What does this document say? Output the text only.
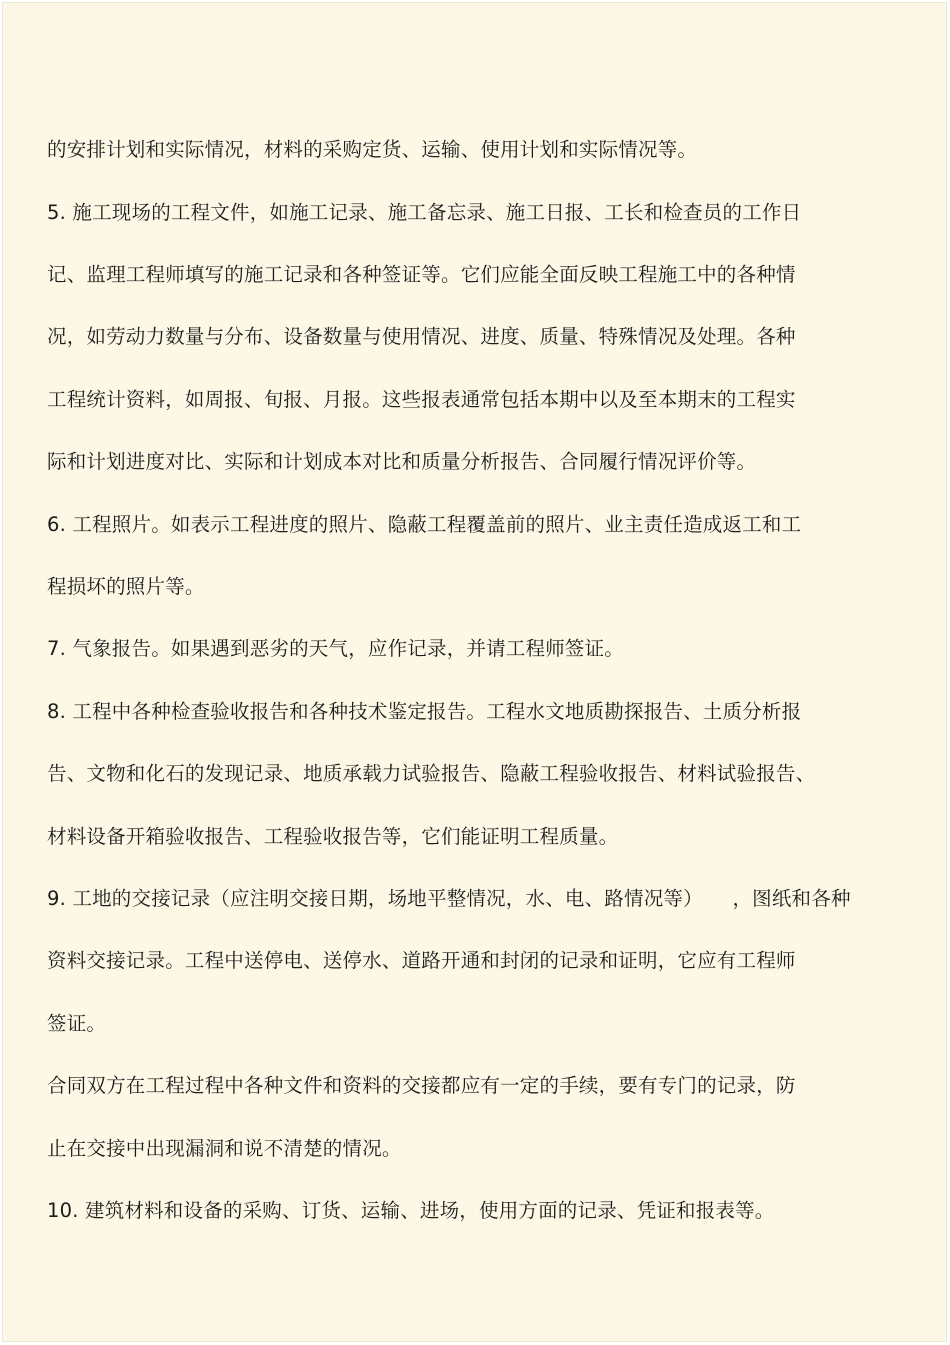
的安排计划和实际情况，材料的采购定货、运输、使用计划和实际情况等。

5. 施工现场的工程文件，如施工记录、施工备忘录、施工日报、工长和检查员的工作日

记、监理工程师填写的施工记录和各种签证等。它们应能全面反映工程施工中的各种情

况，如劳动力数量与分布、设备数量与使用情况、进度、质量、特殊情况及处理。各种

工程统计资料，如周报、旬报、月报。这些报表通常包括本期中以及至本期末的工程实

际和计划进度对比、实际和计划成本对比和质量分析报告、合同履行情况评价等。

6. 工程照片。如表示工程进度的照片、隐蔽工程覆盖前的照片、业主责任造成返工和工

程损坏的照片等。

7. 气象报告。如果遇到恶劣的天气，应作记录，并请工程师签证。

8. 工程中各种检查验收报告和各种技术鉴定报告。工程水文地质勘探报告、土质分析报

告、文物和化石的发现记录、地质承载力试验报告、隐蔽工程验收报告、材料试验报告、

材料设备开箱验收报告、工程验收报告等，它们能证明工程质量。

9. 工地的交接记录（应注明交接日期，场地平整情况，水、电、路情况等）　　，图纸和各种

资料交接记录。工程中送停电、送停水、道路开通和封闭的记录和证明，它应有工程师

签证。

合同双方在工程过程中各种文件和资料的交接都应有一定的手续，要有专门的记录，防

止在交接中出现漏洞和说不清楚的情况。

10. 建筑材料和设备的采购、订货、运输、进场，使用方面的记录、凭证和报表等。
